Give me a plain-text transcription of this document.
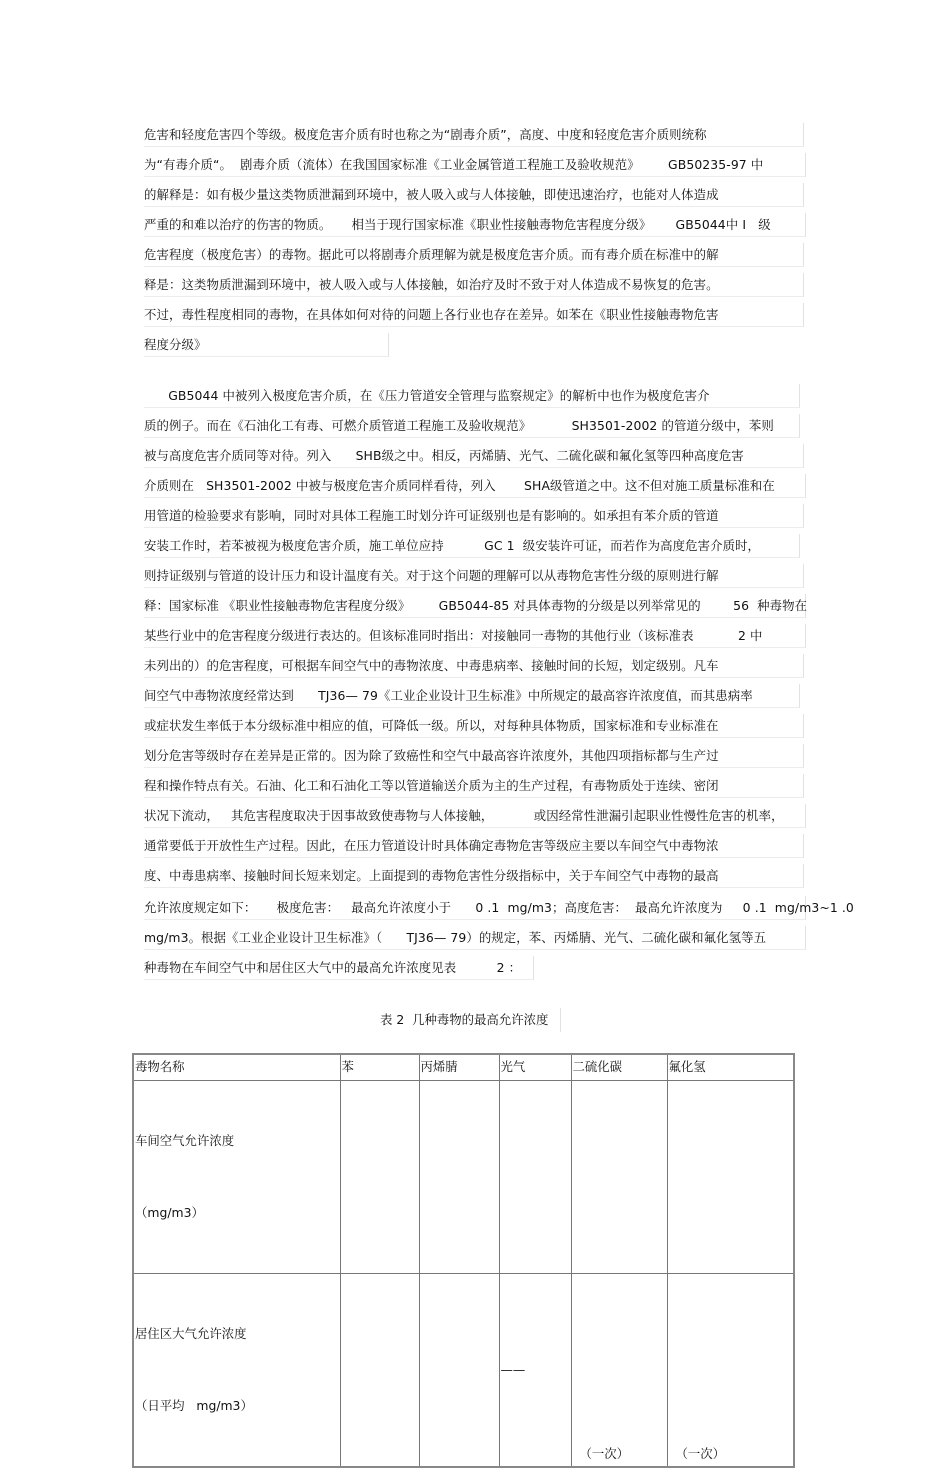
危害和轻度危害四个等级。极度危害介质有时也称之为“剧毒介质”，高度、中度和轻度危害介质则统称
为“有毒介质“。  剧毒介质（流体）在我国国家标准《工业金属管道工程施工及验收规范》       GB50235-97 中
的解释是：如有极少量这类物质泄漏到环境中，被人吸入或与人体接触，即使迅速治疗，也能对人体造成
严重的和难以治疗的伤害的物质。     相当于现行国家标准《职业性接触毒物危害程度分级》      GB5044中 I   级
危害程度（极度危害）的毒物。据此可以将剧毒介质理解为就是极度危害介质。而有毒介质在标准中的解
释是：这类物质泄漏到环境中，被人吸入或与人体接触，如治疗及时不致于对人体造成不易恢复的危害。
不过，毒性程度相同的毒物，在具体如何对待的问题上各行业也存在差异。如苯在《职业性接触毒物危害
程度分级》
GB5044 中被列入极度危害介质，在《压力管道安全管理与监察规定》的解析中也作为极度危害介
质的例子。而在《石油化工有毒、可燃介质管道工程施工及验收规范》          SH3501-2002 的管道分级中，苯则
被与高度危害介质同等对待。列入      SHB级之中。相反，丙烯腈、光气、二硫化碳和氟化氢等四种高度危害
介质则在   SH3501-2002 中被与极度危害介质同样看待，列入       SHA级管道之中。这不但对施工质量标准和在
用管道的检验要求有影响，同时对具体工程施工时划分许可证级别也是有影响的。如承担有苯介质的管道
安装工作时，若苯被视为极度危害介质，施工单位应持          GC 1  级安装许可证，而若作为高度危害介质时，
则持证级别与管道的设计压力和设计温度有关。对于这个问题的理解可以从毒物危害性分级的原则进行解
释：国家标准 《职业性接触毒物危害程度分级》       GB5044-85 对具体毒物的分级是以列举常见的        56  种毒物在
某些行业中的危害程度分级进行表达的。但该标准同时指出：对接触同一毒物的其他行业（该标准表           2 中
未列出的）的危害程度，可根据车间空气中的毒物浓度、中毒患病率、接触时间的长短，划定级别。凡车
间空气中毒物浓度经常达到      TJ36— 79《工业企业设计卫生标准》中所规定的最高容许浓度值，而其患病率
或症状发生率低于本分级标准中相应的值，可降低一级。所以，对每种具体物质，国家标准和专业标准在
划分危害等级时存在差异是正常的。因为除了致癌性和空气中最高容许浓度外，其他四项指标都与生产过
程和操作特点有关。石油、化工和石油化工等以管道输送介质为主的生产过程，有毒物质处于连续、密闭
状况下流动，   其危害程度取决于因事故致使毒物与人体接触，          或因经常性泄漏引起职业性慢性危害的机率，
通常要低于开放性生产过程。因此，在压力管道设计时具体确定毒物危害等级应主要以车间空气中毒物浓
度、中毒患病率、接触时间长短来划定。上面提到的毒物危害性分级指标中，关于车间空气中毒物的最高
允许浓度规定如下：     极度危害：   最高允许浓度小于      0 .1  mg/m3；高度危害：  最高允许浓度为     0 .1  mg/m3~1 .0
mg/m3。根据《工业企业设计卫生标准》（      TJ36— 79）的规定，苯、丙烯腈、光气、二硫化碳和氟化氢等五
种毒物在车间空气中和居住区大气中的最高允许浓度见表          2 ：
表 2  几种毒物的最高允许浓度
毒物名称	苯	丙烯腈	光气	二硫化碳	氟化氢

车间空气允许浓度

（mg/m3）					

居住区大气允许浓度

（日平均   mg/m3）			——	（一次）	（一次）
